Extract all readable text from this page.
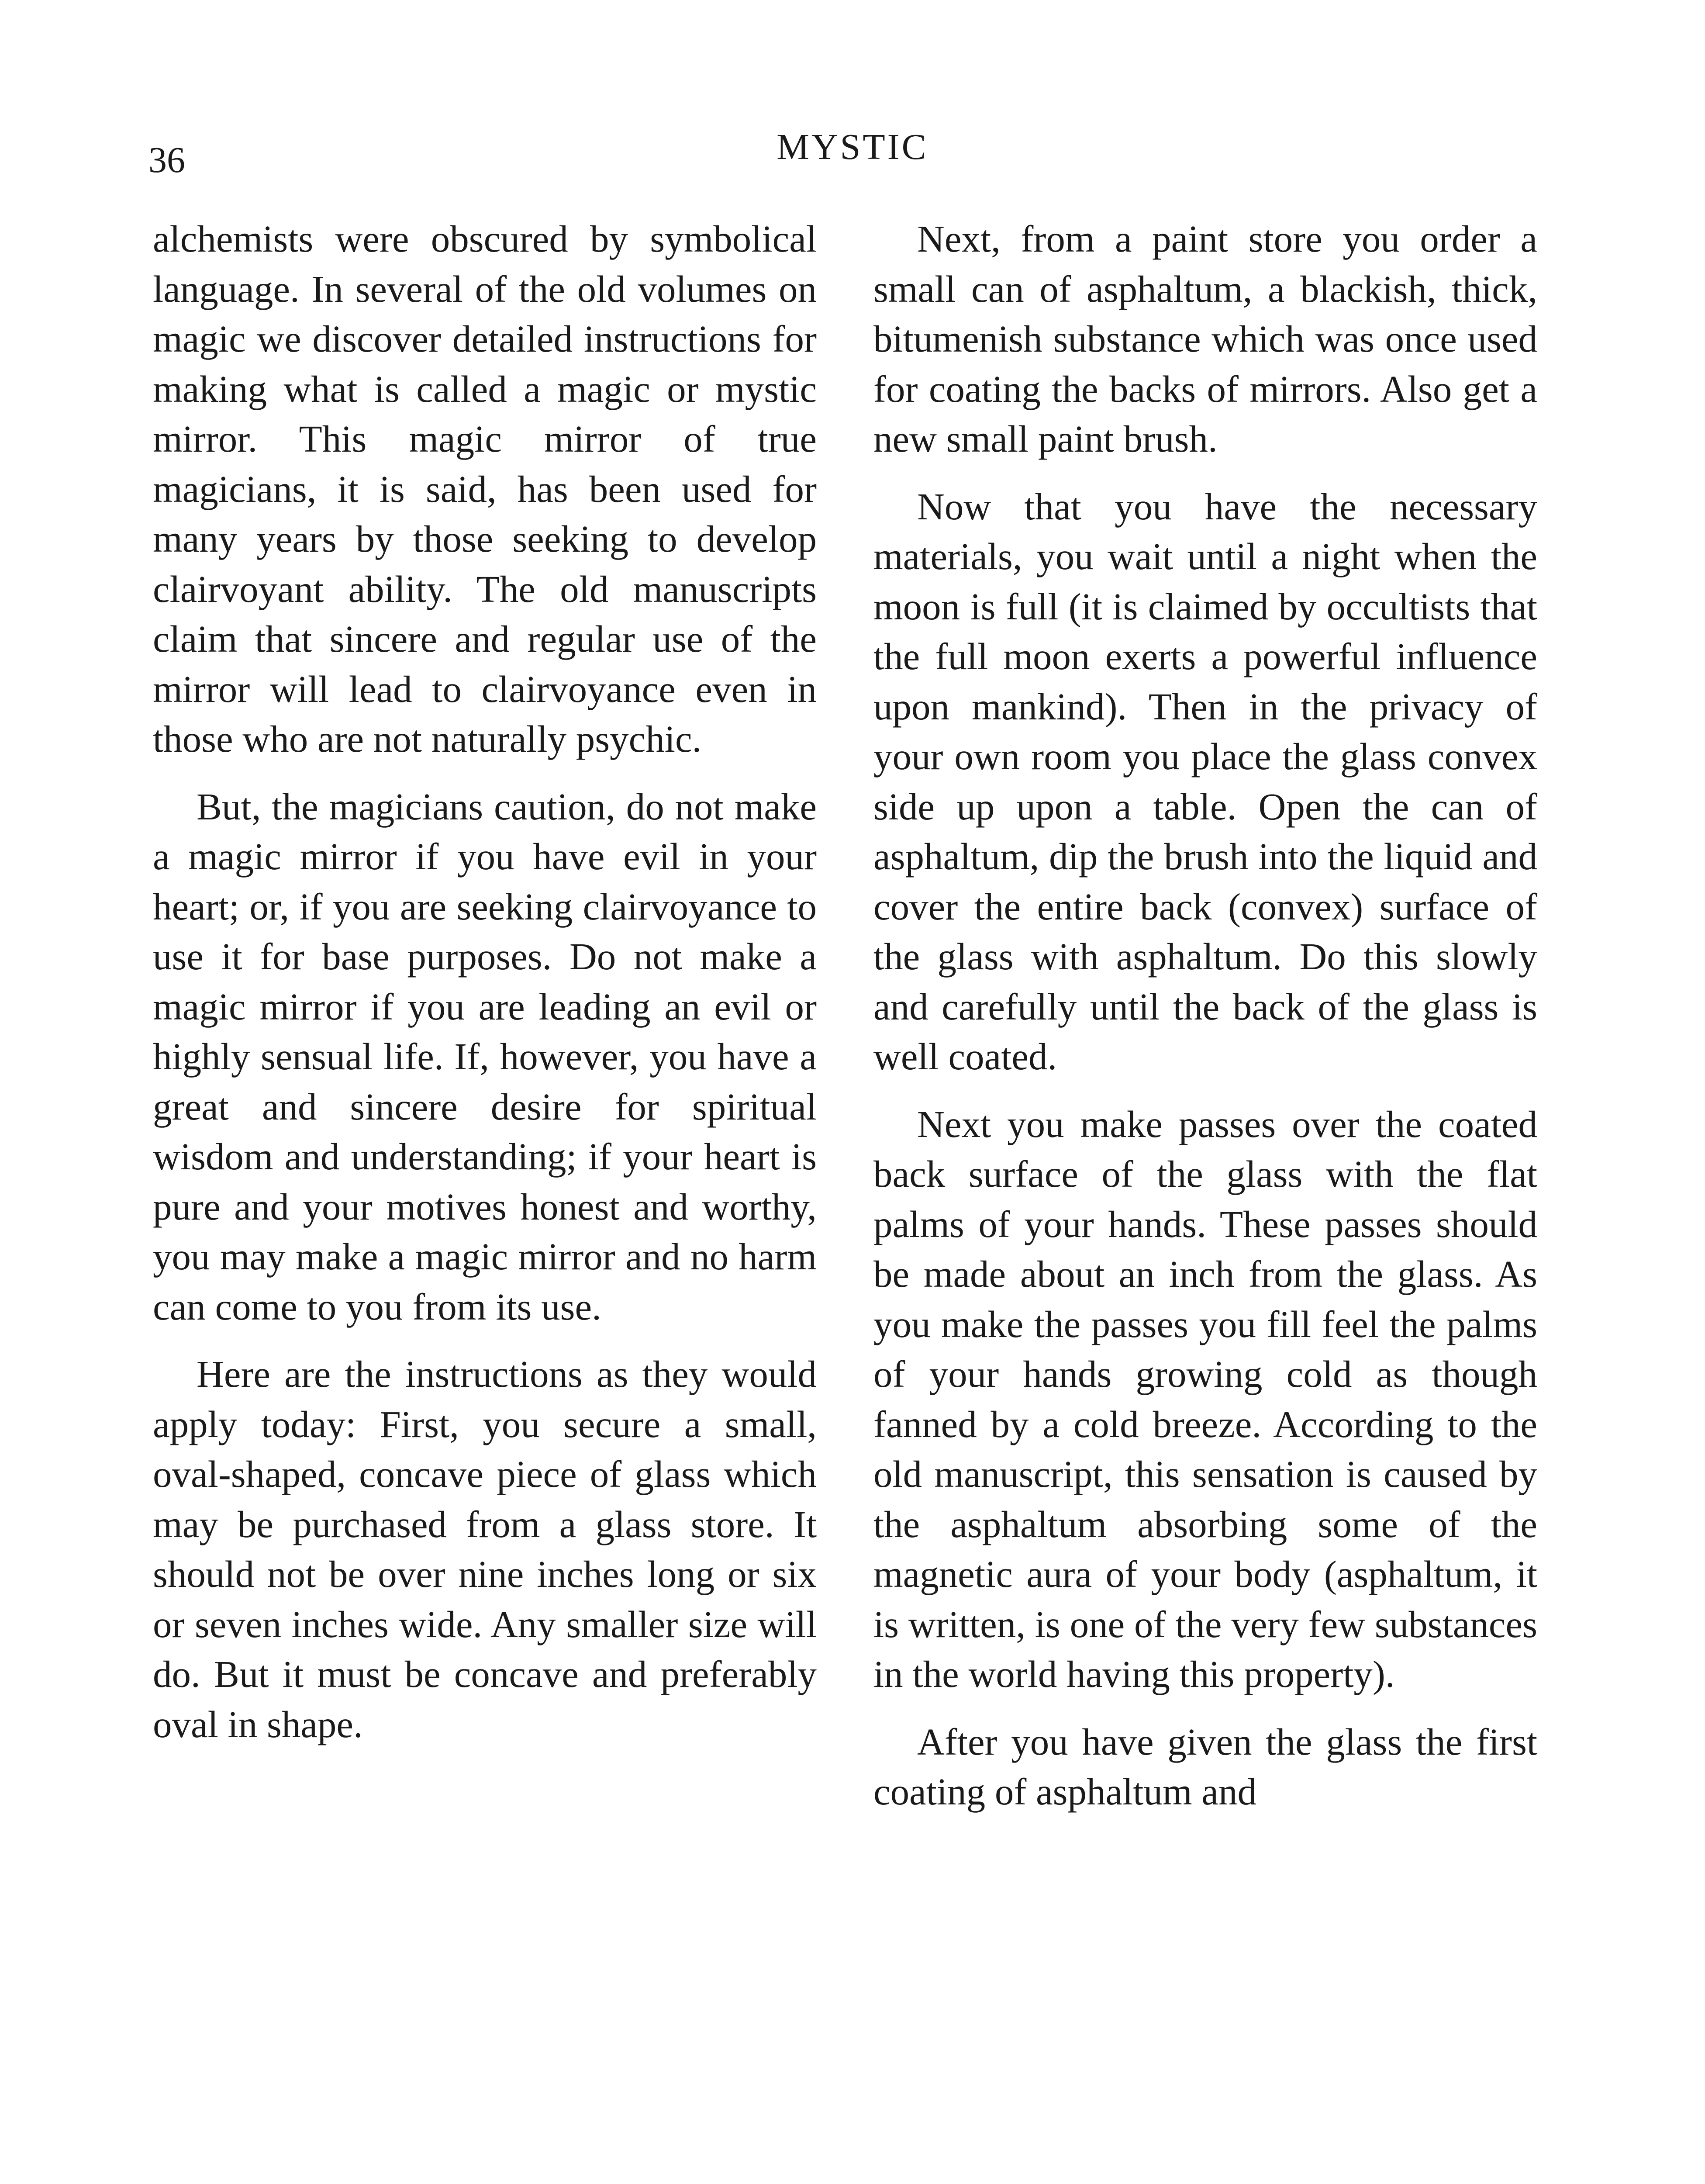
36	MYSTIC

alchemists were obscured by symbolical language. In several of the old volumes on magic we discover detailed instructions for making what is called a magic or mystic mirror. This magic mirror of true magicians, it is said, has been used for many years by those seeking to develop clairvoyant ability. The old manuscripts claim that sincere and regular use of the mirror will lead to clairvoyance even in those who are not naturally psychic.

But, the magicians caution, do not make a magic mirror if you have evil in your heart; or, if you are seeking clairvoyance to use it for base purposes. Do not make a magic mirror if you are leading an evil or highly sensual life. If, however, you have a great and sincere desire for spiritual wisdom and understanding; if your heart is pure and your motives honest and worthy, you may make a magic mirror and no harm can come to you from its use.

Here are the instructions as they would apply today: First, you secure a small, oval-shaped, concave piece of glass which may be purchased from a glass store. It should not be over nine inches long or six or seven inches wide. Any smaller size will do. But it must be concave and preferably oval in shape.

Next, from a paint store you order a small can of asphaltum, a blackish, thick, bitumenish substance which was once used for coating the backs of mirrors. Also get a new small paint brush.

Now that you have the necessary materials, you wait until a night when the moon is full (it is claimed by occultists that the full moon exerts a powerful influence upon mankind). Then in the privacy of your own room you place the glass convex side up upon a table. Open the can of asphaltum, dip the brush into the liquid and cover the entire back (convex) surface of the glass with asphaltum. Do this slowly and carefully until the back of the glass is well coated.

Next you make passes over the coated back surface of the glass with the flat palms of your hands. These passes should be made about an inch from the glass. As you make the passes you fill feel the palms of your hands growing cold as though fanned by a cold breeze. According to the old manuscript, this sensation is caused by the asphaltum absorbing some of the magnetic aura of your body (asphaltum, it is written, is one of the very few substances in the world having this property).

After you have given the glass the first coating of asphaltum and
